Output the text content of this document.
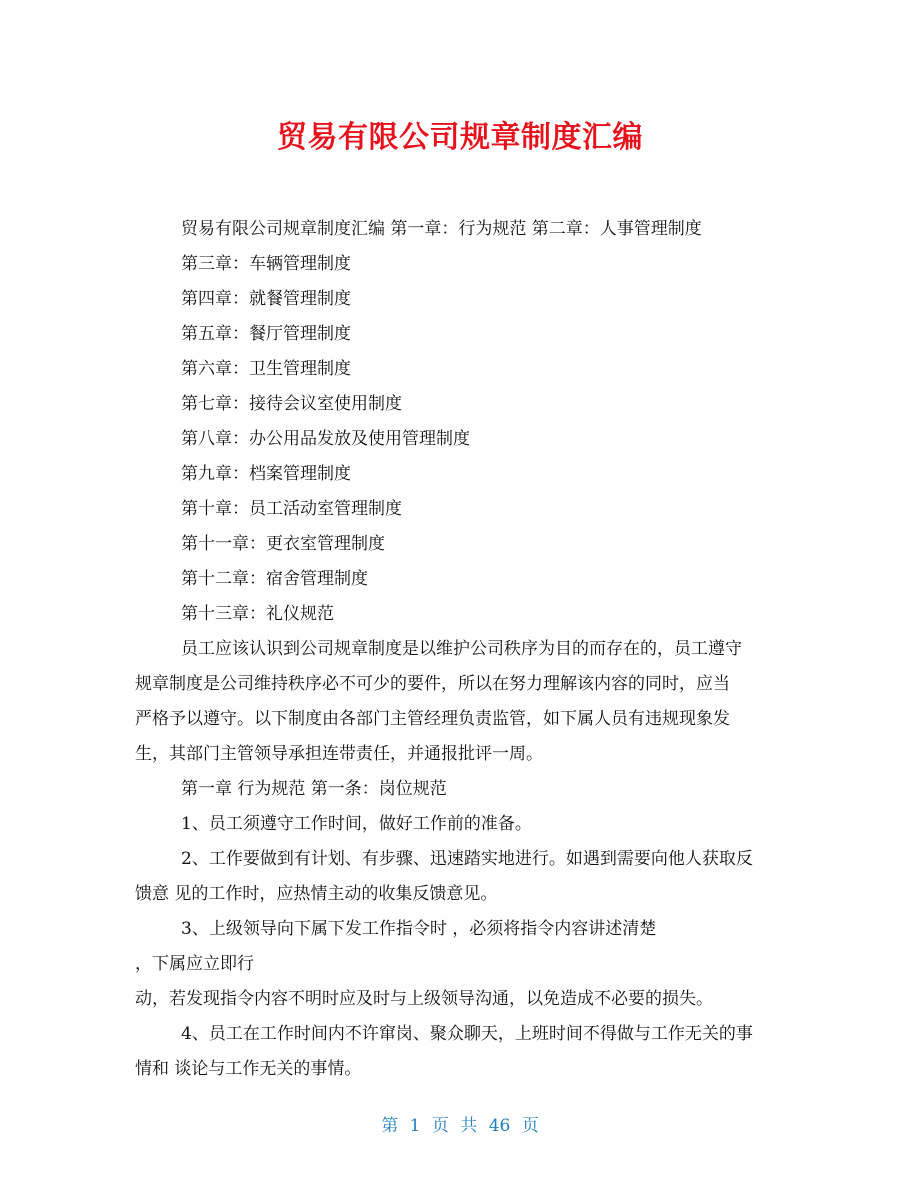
贸易有限公司规章制度汇编

贸易有限公司规章制度汇编 第一章：行为规范 第二章：人事管理制度

第三章：车辆管理制度

第四章：就餐管理制度

第五章：餐厅管理制度

第六章：卫生管理制度

第七章：接待会议室使用制度

第八章：办公用品发放及使用管理制度

第九章：档案管理制度

第十章：员工活动室管理制度

第十一章：更衣室管理制度

第十二章：宿舍管理制度

第十三章：礼仪规范

员工应该认识到公司规章制度是以维护公司秩序为目的而存在的，员工遵守

规章制度是公司维持秩序必不可少的要件，所以在努力理解该内容的同时，应当

严格予以遵守。以下制度由各部门主管经理负责监管，如下属人员有违规现象发

生，其部门主管领导承担连带责任，并通报批评一周。

第一章 行为规范 第一条：岗位规范

1、员工须遵守工作时间，做好工作前的准备。

2、工作要做到有计划、有步骤、迅速踏实地进行。如遇到需要向他人获取反

馈意 见的工作时，应热情主动的收集反馈意见。

3、上级领导向下属下发工作指令时 ，必须将指令内容讲述清楚

，下属应立即行

动，若发现指令内容不明时应及时与上级领导沟通，以免造成不必要的损失。

4、员工在工作时间内不许窜岗、聚众聊天，上班时间不得做与工作无关的事

情和 谈论与工作无关的事情。

第 1 页 共 46 页
